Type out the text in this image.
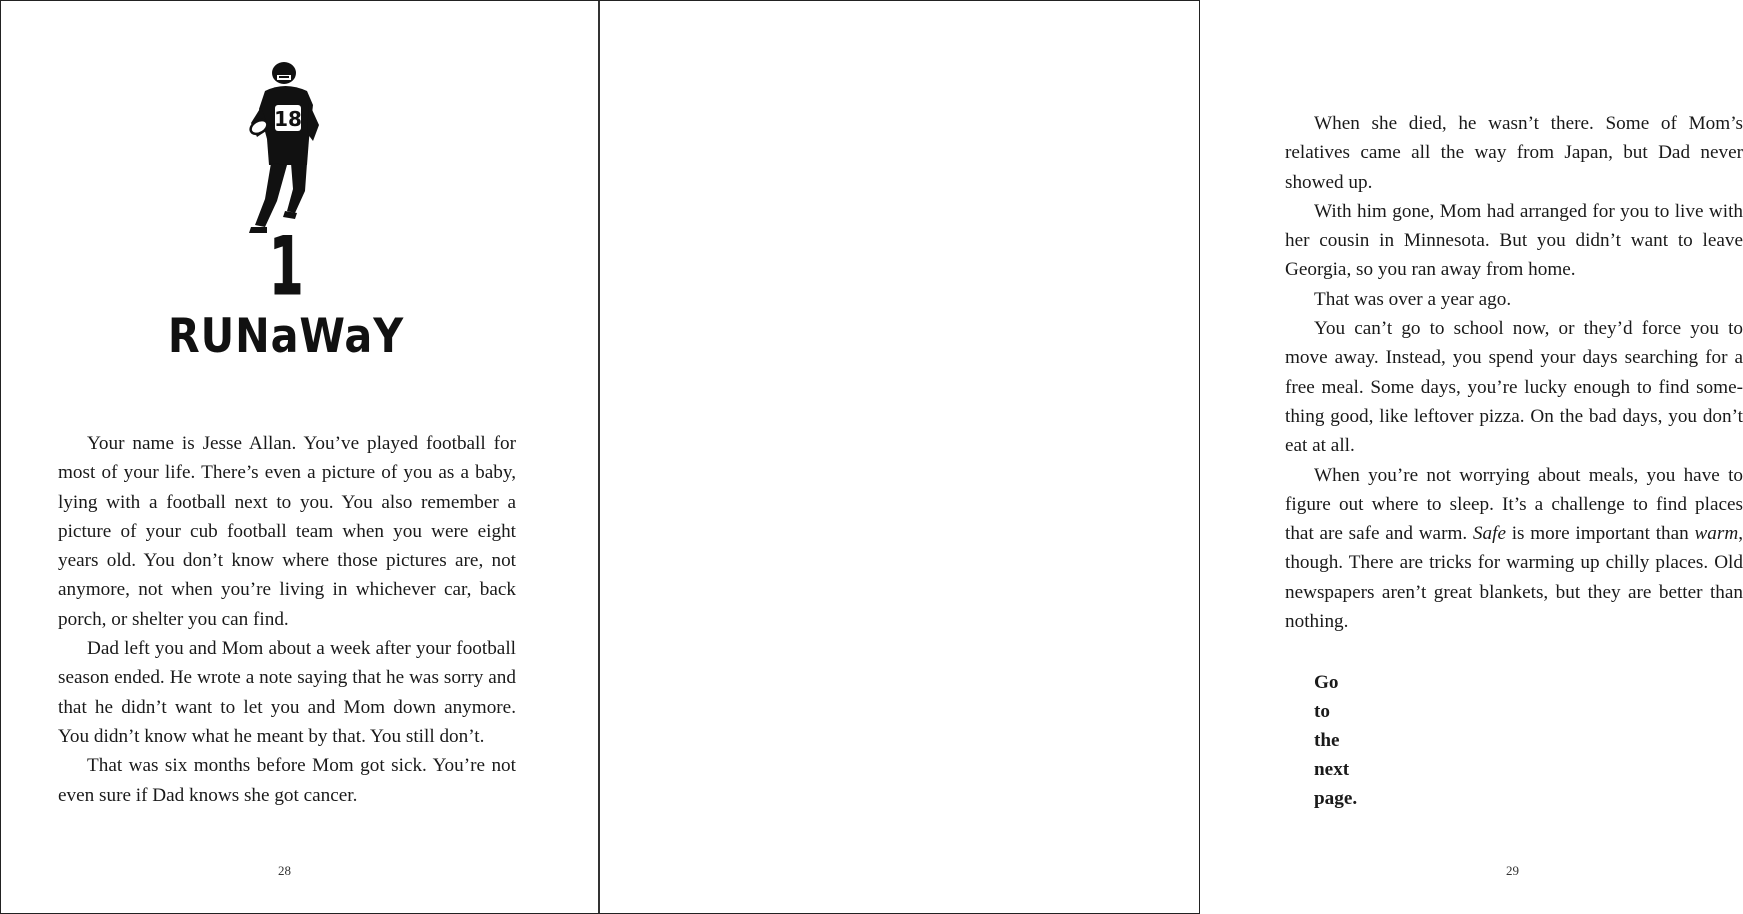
18
1
RUNaWaY

Your name is Jesse Allan. You’ve played football for most of your life. There’s even a picture of you as a baby, lying with a football next to you. You also remember a picture of your cub football team when you were eight years old. You don’t know where those pictures are, not anymore, not when you’re living in whichever car, back porch, or shelter you can find.

Dad left you and Mom about a week after your football season ended. He wrote a note saying that he was sorry and that he didn’t want to let you and Mom down anymore. You didn’t know what he meant by that. You still don’t.

That was six months before Mom got sick. You’re not even sure if Dad knows she got cancer.

28

When she died, he wasn’t there. Some of Mom’s relatives came all the way from Japan, but Dad never showed up.

With him gone, Mom had arranged for you to live with her cousin in Minnesota. But you didn’t want to leave Georgia, so you ran away from home.

That was over a year ago.

You can’t go to school now, or they’d force you to move away. Instead, you spend your days searching for a free meal. Some days, you’re lucky enough to find something good, like leftover pizza. On the bad days, you don’t eat at all.

When you’re not worrying about meals, you have to figure out where to sleep. It’s a challenge to find places that are safe and warm. Safe is more important than warm, though. There are tricks for warming up chilly places. Old newspapers aren’t great blankets, but they are better than nothing.

Go to the next page.
29
